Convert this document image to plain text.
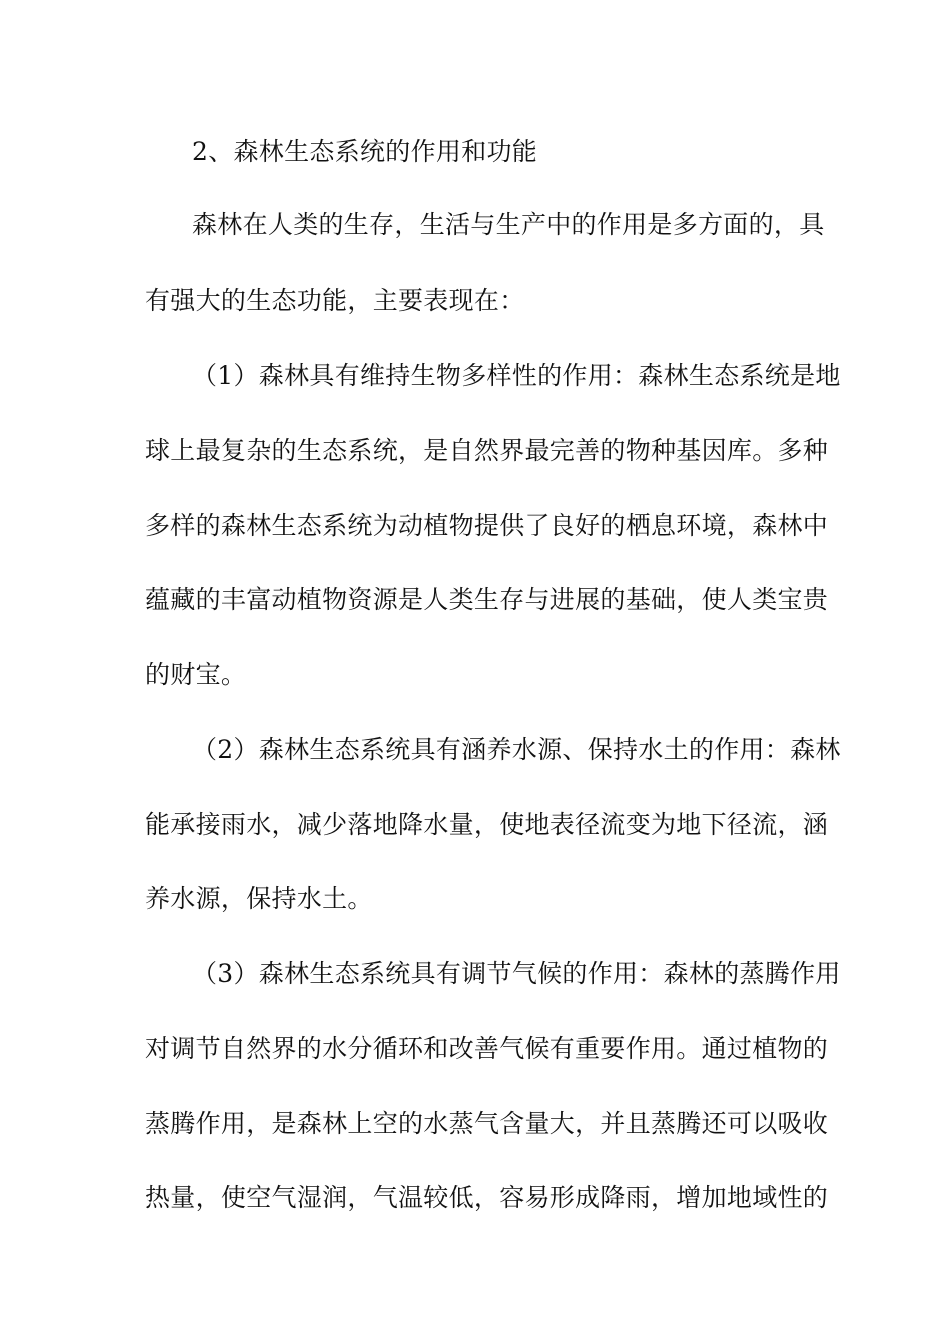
2、森林生态系统的作用和功能
森林在人类的生存，生活与生产中的作用是多方面的，具
有强大的生态功能，主要表现在：
（1）森林具有维持生物多样性的作用：森林生态系统是地
球上最复杂的生态系统，是自然界最完善的物种基因库。多种
多样的森林生态系统为动植物提供了良好的栖息环境，森林中
蕴藏的丰富动植物资源是人类生存与进展的基础，使人类宝贵
的财宝。
（2）森林生态系统具有涵养水源、保持水土的作用：森林
能承接雨水，减少落地降水量，使地表径流变为地下径流，涵
养水源，保持水土。
（3）森林生态系统具有调节气候的作用：森林的蒸腾作用
对调节自然界的水分循环和改善气候有重要作用。通过植物的
蒸腾作用，是森林上空的水蒸气含量大，并且蒸腾还可以吸收
热量，使空气湿润，气温较低，容易形成降雨，增加地域性的
